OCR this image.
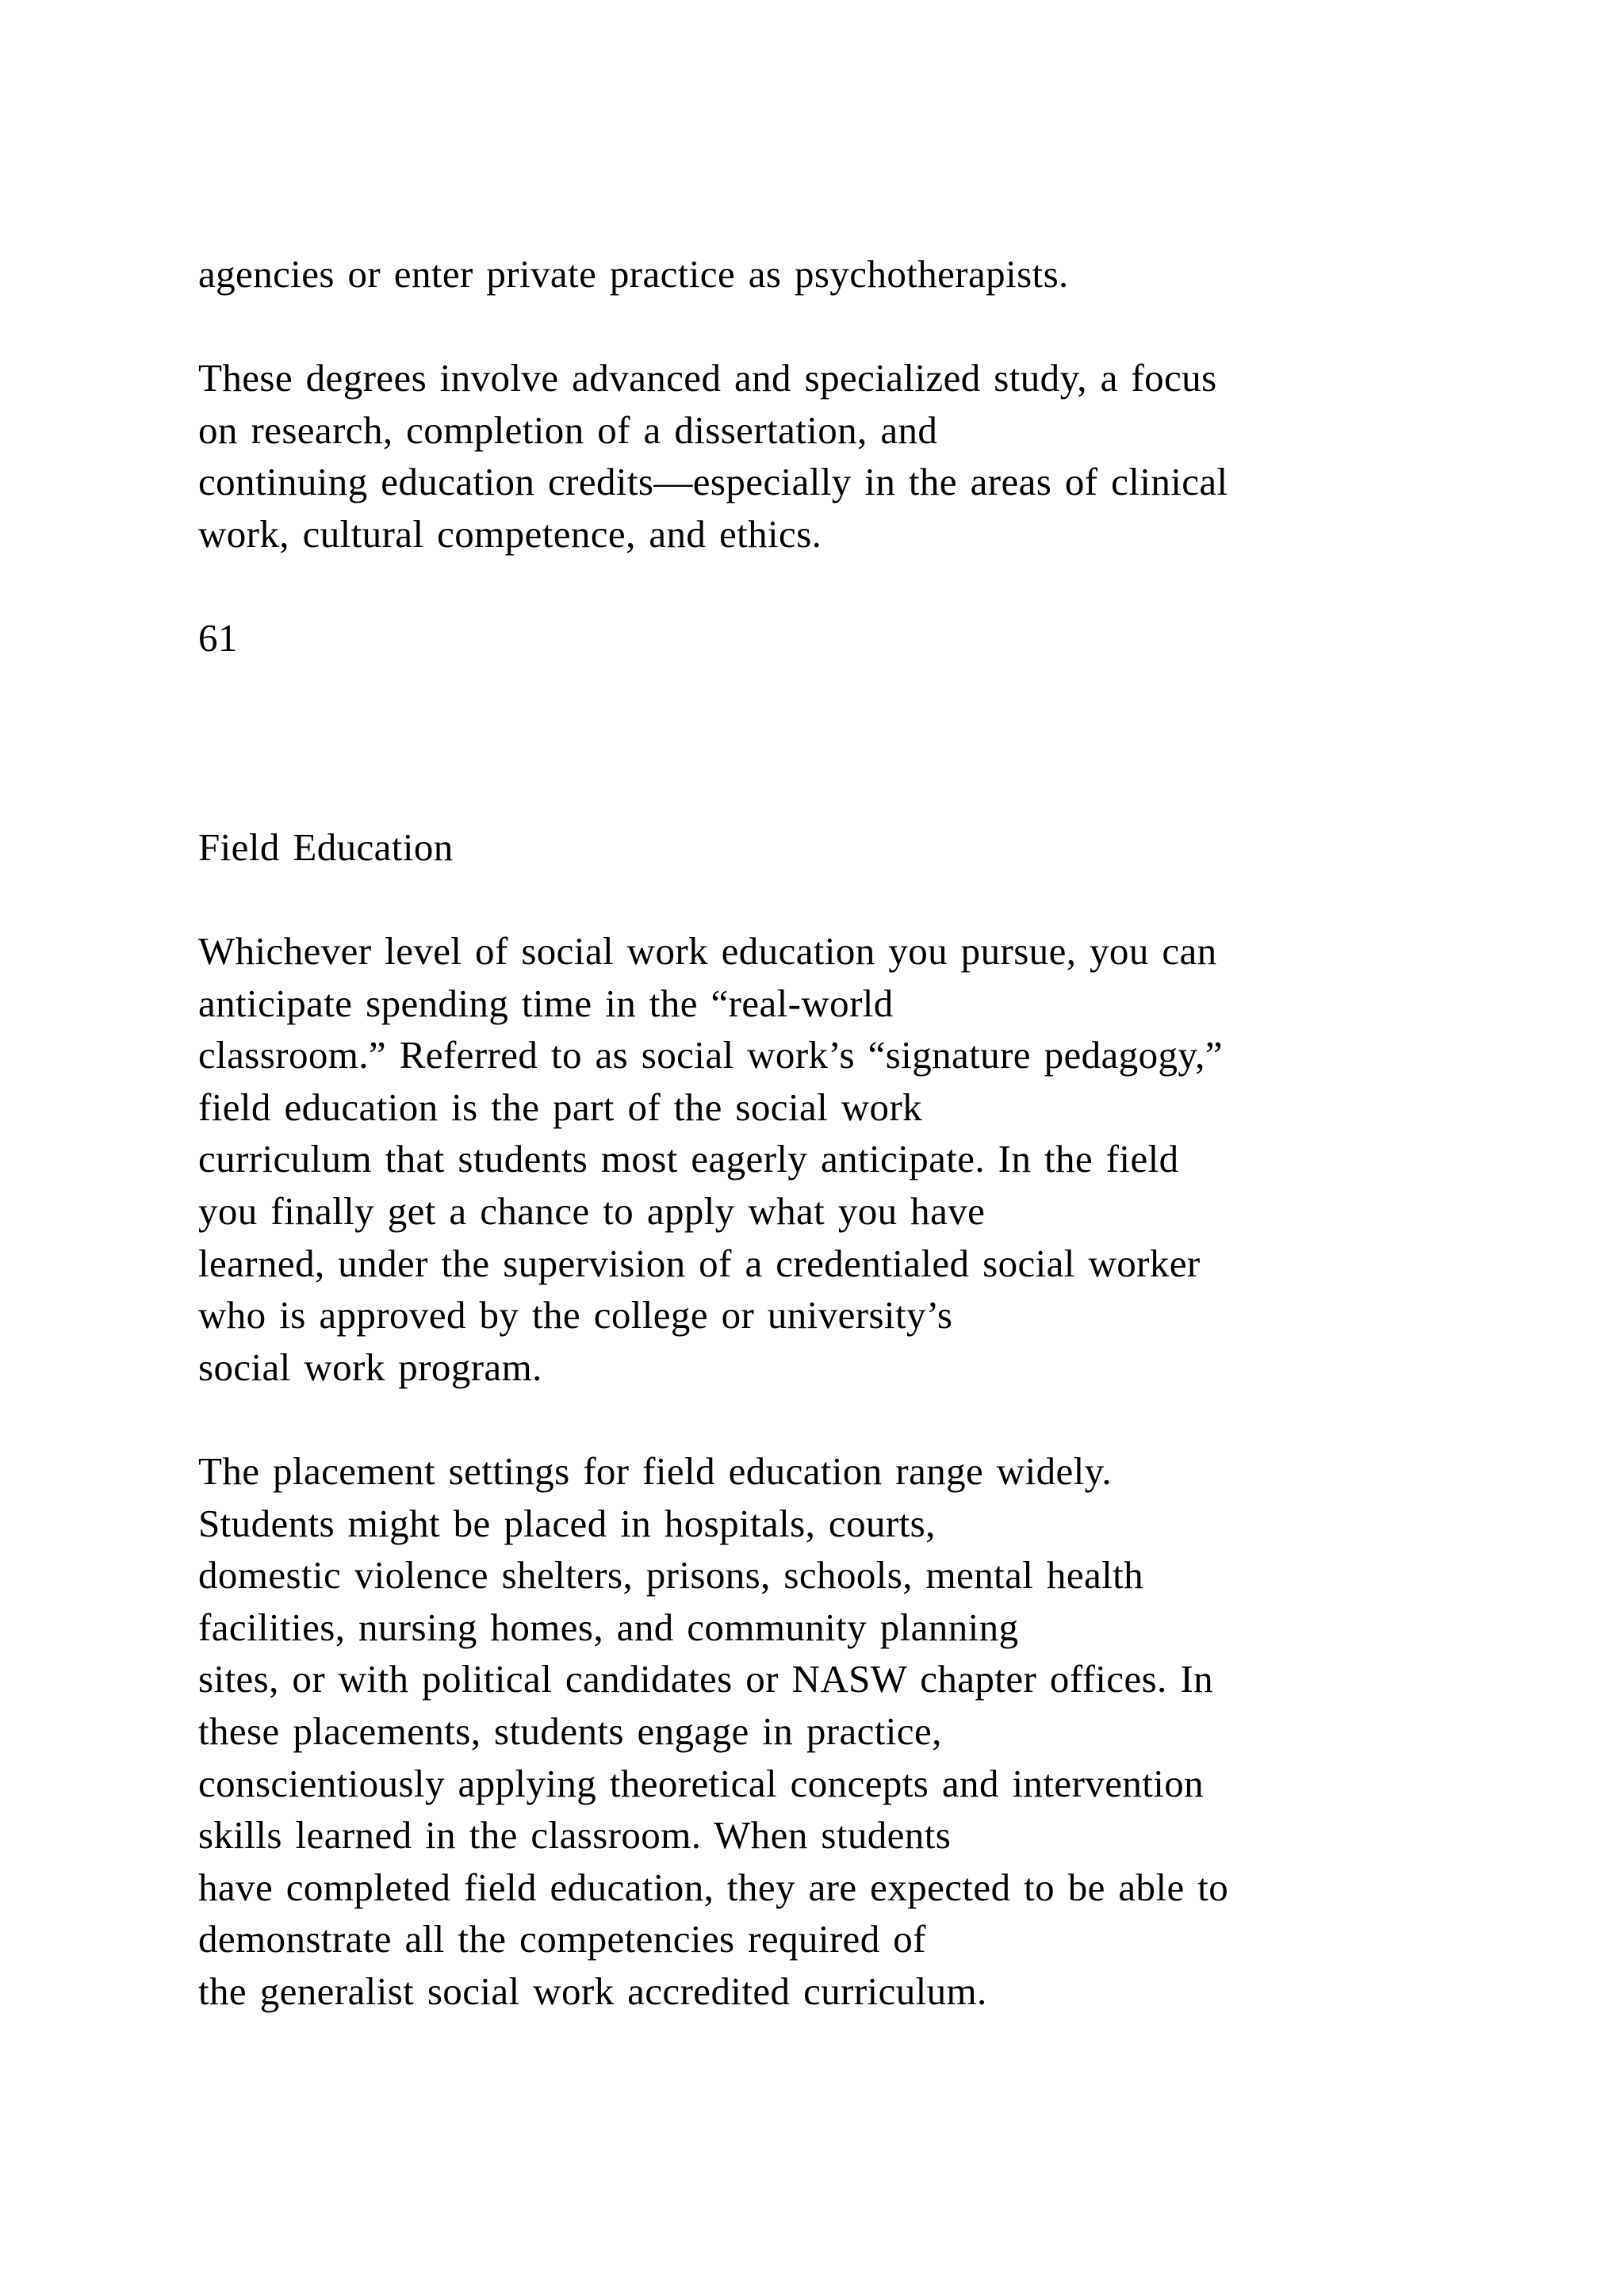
agencies or enter private practice as psychotherapists.
These degrees involve advanced and specialized study, a focus
on research, completion of a dissertation, and
continuing education credits—especially in the areas of clinical
work, cultural competence, and ethics.
61
Field Education
Whichever level of social work education you pursue, you can
anticipate spending time in the “real-world
classroom.” Referred to as social work’s “signature pedagogy,”
field education is the part of the social work
curriculum that students most eagerly anticipate. In the field
you finally get a chance to apply what you have
learned, under the supervision of a credentialed social worker
who is approved by the college or university’s
social work program.
The placement settings for field education range widely.
Students might be placed in hospitals, courts,
domestic violence shelters, prisons, schools, mental health
facilities, nursing homes, and community planning
sites, or with political candidates or NASW chapter offices. In
these placements, students engage in practice,
conscientiously applying theoretical concepts and intervention
skills learned in the classroom. When students
have completed field education, they are expected to be able to
demonstrate all the competencies required of
the generalist social work accredited curriculum.
